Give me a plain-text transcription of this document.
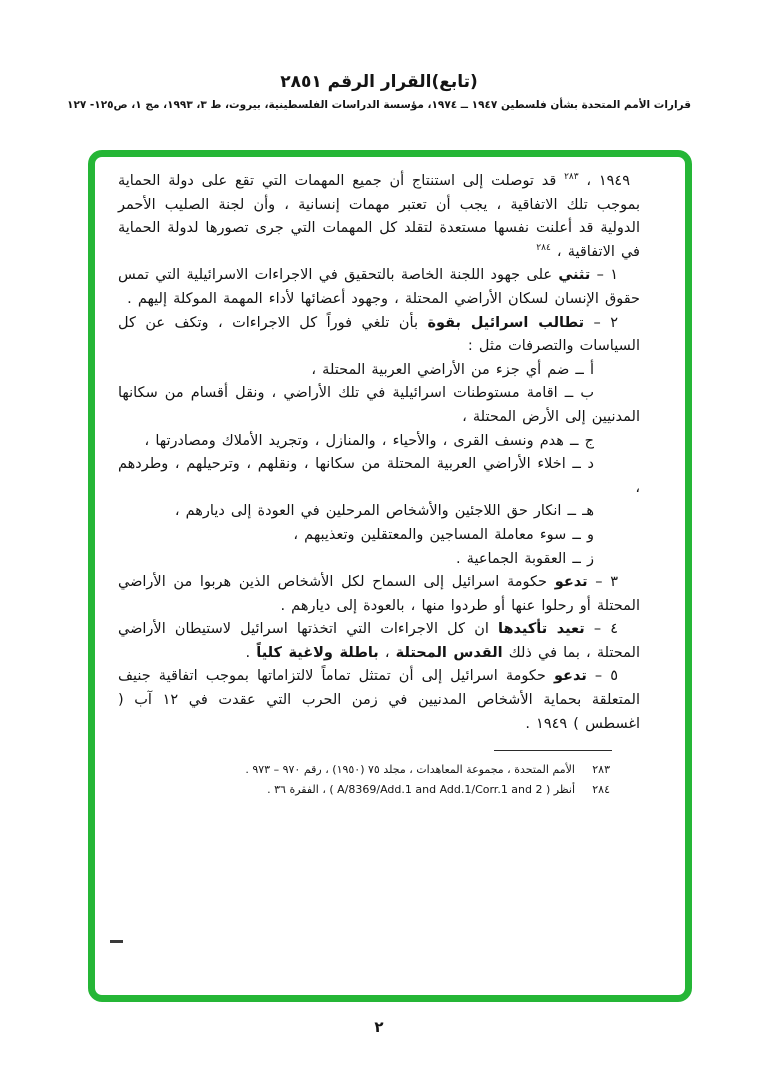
(تابع)القرار الرقم ٢٨٥١
قرارات الأمم المتحدة بشأن فلسطين ١٩٤٧ ــ ١٩٧٤، مؤسسة الدراسات الفلسطينية، بيروت، ط ٣، ١٩٩٣، مج ١، ص١٢٥- ١٢٧

١٩٤٩ ، $^{٢٨٣}$ قد توصلت إلى استنتاج أن جميع المهمات التي تقع على دولة الحماية بموجب تلك الاتفاقية ، يجب أن تعتبر مهمات إنسانية ، وأن لجنة الصليب الأحمر الدولية قد أعلنت نفسها مستعدة لتقلد كل المهمات التي جرى تصورها لدولة الحماية في الاتفاقية ، $^{٢٨٤}$

١ – تثني على جهود اللجنة الخاصة بالتحقيق في الاجراءات الاسرائيلية التي تمس حقوق الإنسان لسكان الأراضي المحتلة ، وجهود أعضائها لأداء المهمة الموكلة إليهم .

٢ – تطالب اسرائيل بقوة بأن تلغي فوراً كل الاجراءات ، وتكف عن كل السياسات والتصرفات مثل :

أ ــ ضم أي جزء من الأراضي العربية المحتلة ،

ب ــ اقامة مستوطنات اسرائيلية في تلك الأراضي ، ونقل أقسام من سكانها المدنيين إلى الأرض المحتلة ،

ج ــ هدم ونسف القرى ، والأحياء ، والمنازل ، وتجريد الأملاك ومصادرتها ،

د ــ اخلاء الأراضي العربية المحتلة من سكانها ، ونقلهم ، وترحيلهم ، وطردهم ،

هـ ــ انكار حق اللاجئين والأشخاص المرحلين في العودة إلى ديارهم ،

و ــ سوء معاملة المساجين والمعتقلين وتعذيبهم ،

ز ــ العقوبة الجماعية .

٣ – تدعو حكومة اسرائيل إلى السماح لكل الأشخاص الذين هربوا من الأراضي المحتلة أو رحلوا عنها أو طردوا منها ، بالعودة إلى ديارهم .

٤ – تعيد تأكيدها ان كل الاجراءات التي اتخذتها اسرائيل لاستيطان الأراضي المحتلة ، بما في ذلك القدس المحتلة ، باطلة ولاغية كلياً .

٥ – تدعو حكومة اسرائيل إلى أن تمتثل تماماً لالتزاماتها بموجب اتفاقية جنيف المتعلقة بحماية الأشخاص المدنيين في زمن الحرب التي عقدت في ١٢ آب ( اغسطس ) ١٩٤٩ .

٢٨٣
الأمم المتحدة ، مجموعة المعاهدات ، مجلد ٧٥ (١٩٥٠) ، رقم ٩٧٠ – ٩٧٣ .
٢٨٤
أنظر ( A/8369/Add.1 and Add.1/Corr.1 and 2 ) ، الفقرة ٣٦ .
٢
